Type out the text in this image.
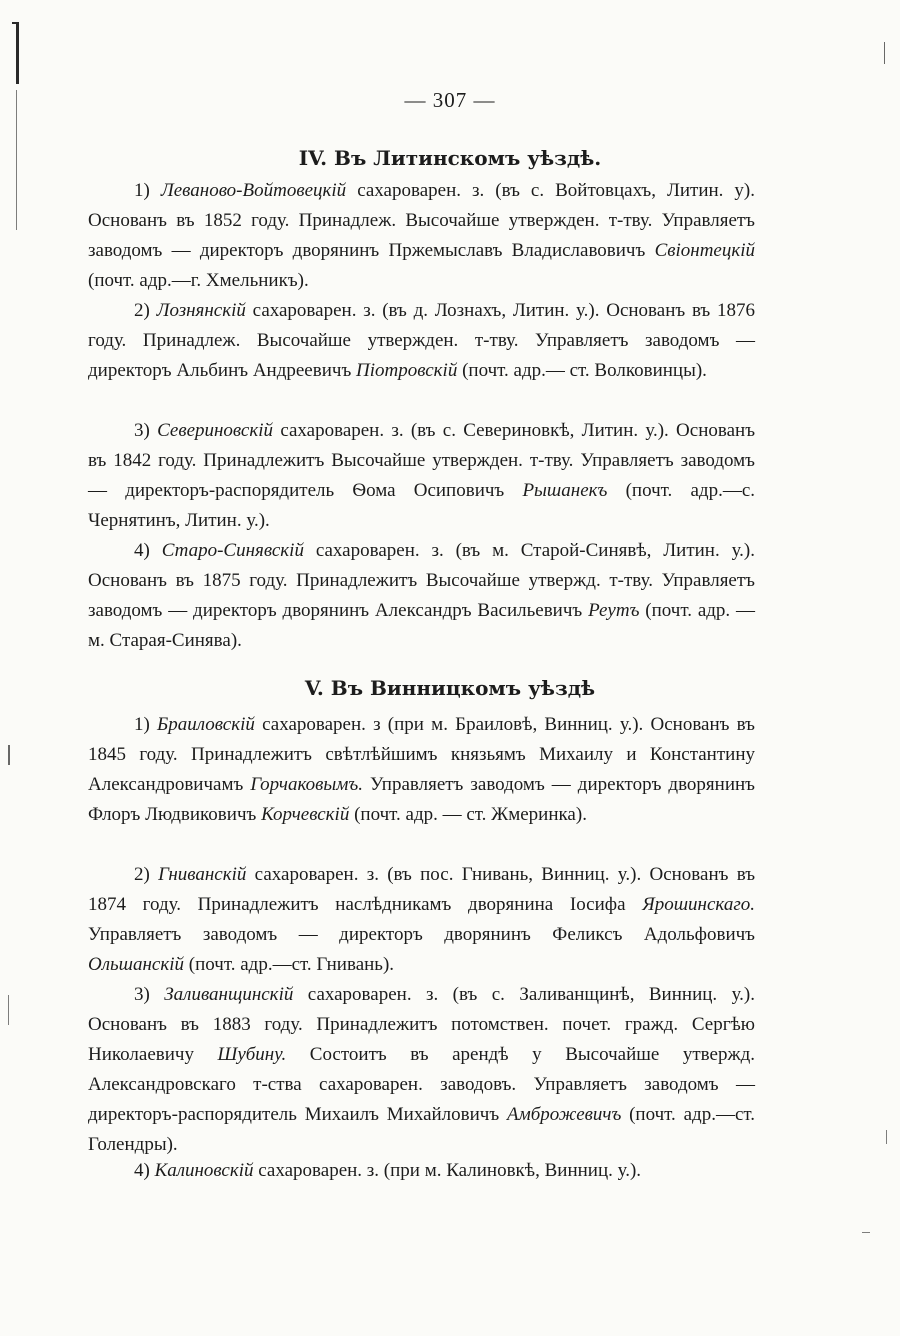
— 307 —
IV. Въ Литинскомъ уѣздѣ.

1) Леваново-Войтовецкій сахароварен. з. (въ с. Войтовцахъ, Литин. у). Основанъ въ 1852 году. Принадлеж. Высочайше утвержден. т-тву. Управляетъ заводомъ — директоръ дворянинъ Пржемыславъ Владиславовичъ Свіонтецкій (почт. адр.—г. Хмельникъ).

2) Лознянскій сахароварен. з. (въ д. Лознахъ, Литин. у.). Основанъ въ 1876 году. Принадлеж. Высочайше утвержден. т-тву. Управляетъ заводомъ — директоръ Альбинъ Андреевичъ Піотровскій (почт. адр.— ст. Волковинцы).

3) Севериновскій сахароварен. з. (въ с. Севериновкѣ, Литин. у.). Основанъ въ 1842 году. Принадлежитъ Высочайше утвержден. т-тву. Управляетъ заводомъ — директоръ-распорядитель Ѳома Осиповичъ Рышанекъ (почт. адр.—с. Чернятинъ, Литин. у.).

4) Старо-Синявскій сахароварен. з. (въ м. Старой-Синявѣ, Литин. у.). Основанъ въ 1875 году. Принадлежитъ Высочайше утвержд. т-тву. Управляетъ заводомъ — директоръ дворянинъ Александръ Васильевичъ Реутъ (почт. адр. — м. Старая-Синява).

V. Въ Винницкомъ уѣздѣ

1) Браиловскій сахароварен. з (при м. Браиловѣ, Винниц. у.). Основанъ въ 1845 году. Принадлежитъ свѣтлѣйшимъ князьямъ Михаилу и Константину Александровичамъ Горчаковымъ. Управляетъ заводомъ — директоръ дворянинъ Флоръ Людвиковичъ Корчевскій (почт. адр. — ст. Жмеринка).

2) Гниванскій сахароварен. з. (въ пос. Гнивань, Винниц. у.). Основанъ въ 1874 году. Принадлежитъ наслѣдникамъ дворянина Іосифа Ярошинскаго. Управляетъ заводомъ — директоръ дворянинъ Феликсъ Адольфовичъ Ольшанскій (почт. адр.—ст. Гнивань).

3) Заливанщинскій сахароварен. з. (въ с. Заливанщинѣ, Винниц. у.). Основанъ въ 1883 году. Принадлежитъ потомствен. почет. гражд. Сергѣю Николаевичу Шубину. Состоитъ въ арендѣ у Высочайше утвержд. Александровскаго т-ства сахароварен. заводовъ. Управляетъ заводомъ — директоръ-распорядитель Михаилъ Михайловичъ Амброжевичъ (почт. адр.—ст. Голендры).

4) Калиновскій сахароварен. з. (при м. Калиновкѣ, Винниц. у.).
